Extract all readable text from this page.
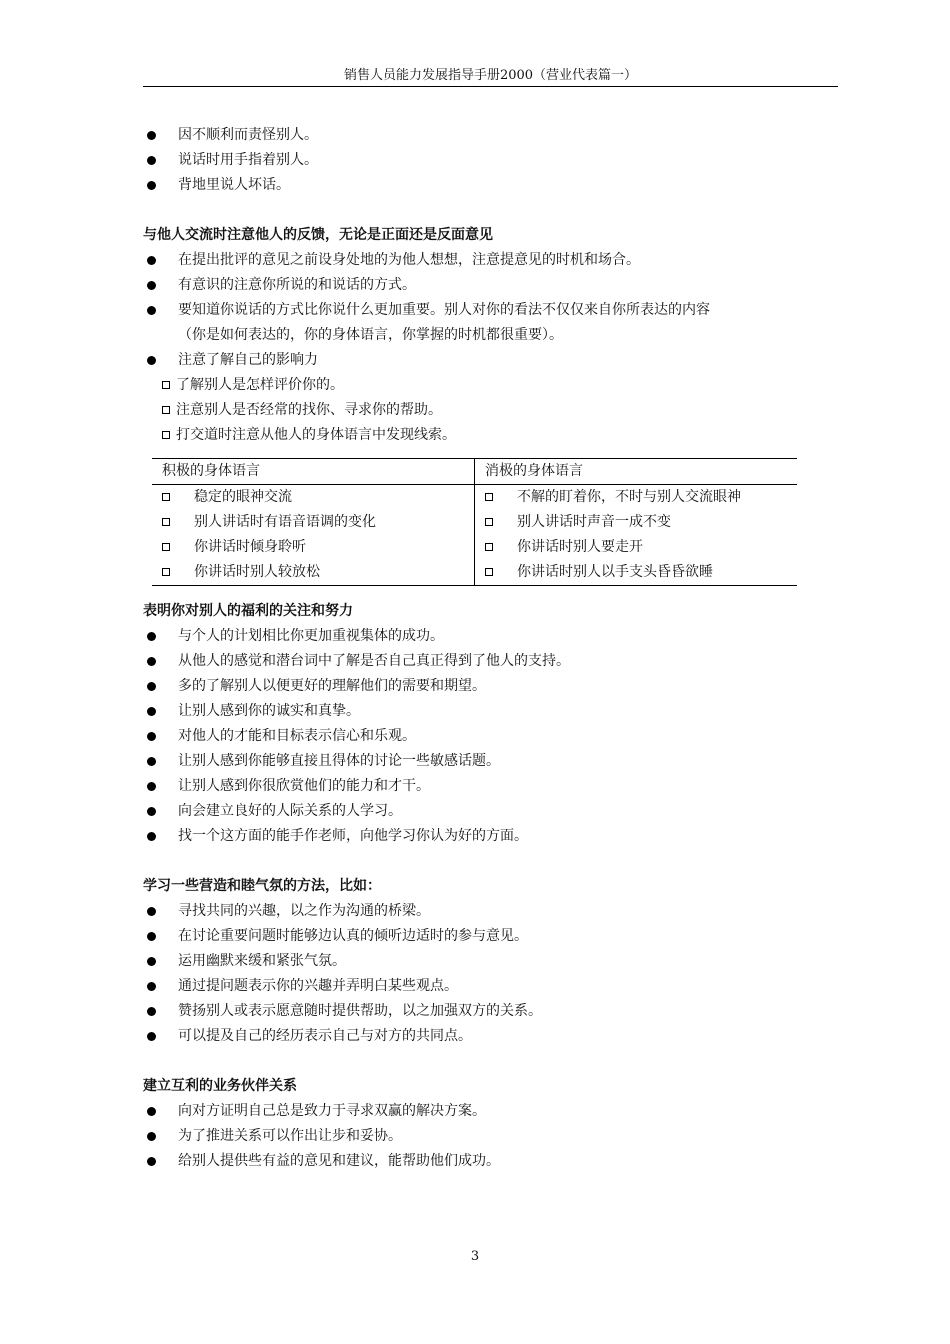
销售人员能力发展指导手册2000（营业代表篇一）
因不顺利而责怪别人。
说话时用手指着别人。
背地里说人坏话。
与他人交流时注意他人的反馈，无论是正面还是反面意见
在提出批评的意见之前设身处地的为他人想想，注意提意见的时机和场合。
有意识的注意你所说的和说话的方式。
要知道你说话的方式比你说什么更加重要。别人对你的看法不仅仅来自你所表达的内容
（你是如何表达的，你的身体语言，你掌握的时机都很重要）。
注意了解自己的影响力
了解别人是怎样评价你的。
注意别人是否经常的找你、寻求你的帮助。
打交道时注意从他人的身体语言中发现线索。
积极的身体语言	消极的身体语言
稳定的眼神交流	不解的盯着你，不时与别人交流眼神
别人讲话时有语音语调的变化	别人讲话时声音一成不变
你讲话时倾身聆听	你讲话时别人要走开
你讲话时别人较放松	你讲话时别人以手支头昏昏欲睡
表明你对别人的福利的关注和努力
与个人的计划相比你更加重视集体的成功。
从他人的感觉和潜台词中了解是否自己真正得到了他人的支持。
多的了解别人以便更好的理解他们的需要和期望。
让别人感到你的诚实和真挚。
对他人的才能和目标表示信心和乐观。
让别人感到你能够直接且得体的讨论一些敏感话题。
让别人感到你很欣赏他们的能力和才干。
向会建立良好的人际关系的人学习。
找一个这方面的能手作老师，向他学习你认为好的方面。
学习一些营造和睦气氛的方法，比如：
寻找共同的兴趣，以之作为沟通的桥梁。
在讨论重要问题时能够边认真的倾听边适时的参与意见。
运用幽默来缓和紧张气氛。
通过提问题表示你的兴趣并弄明白某些观点。
赞扬别人或表示愿意随时提供帮助，以之加强双方的关系。
可以提及自己的经历表示自己与对方的共同点。
建立互利的业务伙伴关系
向对方证明自己总是致力于寻求双赢的解决方案。
为了推进关系可以作出让步和妥协。
给别人提供些有益的意见和建议，能帮助他们成功。
3
